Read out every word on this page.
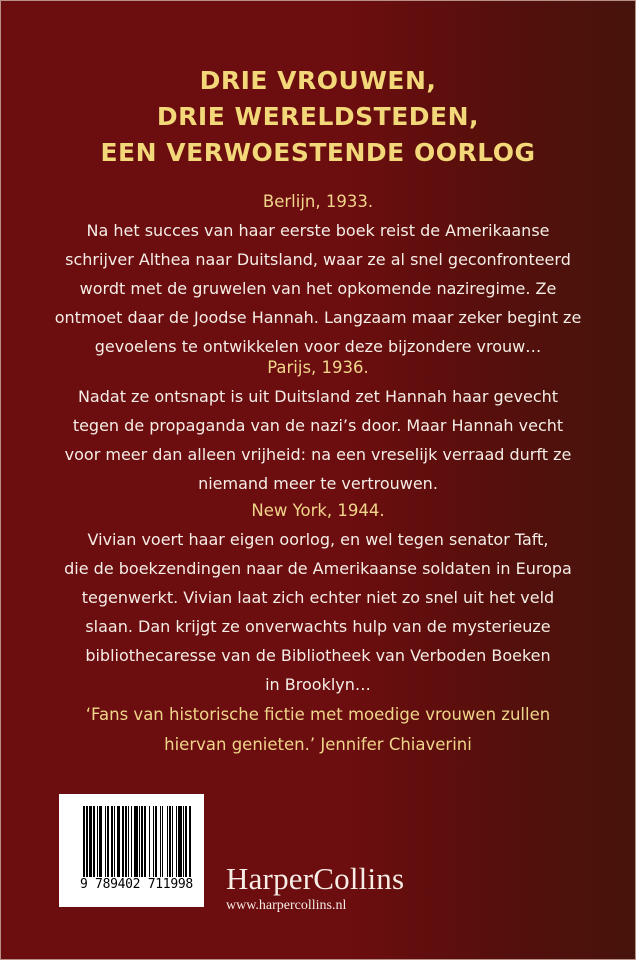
DRIE VROUWEN,
DRIE WERELDSTEDEN,
EEN VERWOESTENDE OORLOG
Berlijn, 1933.
Na het succes van haar eerste boek reist de Amerikaanse
schrijver Althea naar Duitsland, waar ze al snel geconfronteerd
wordt met de gruwelen van het opkomende naziregime. Ze
ontmoet daar de Joodse Hannah. Langzaam maar zeker begint ze
gevoelens te ontwikkelen voor deze bijzondere vrouw…
Parijs, 1936.
Nadat ze ontsnapt is uit Duitsland zet Hannah haar gevecht
tegen de propaganda van de nazi’s door. Maar Hannah vecht
voor meer dan alleen vrijheid: na een vreselijk verraad durft ze
niemand meer te vertrouwen.
New York, 1944.
Vivian voert haar eigen oorlog, en wel tegen senator Taft,
die de boekzendingen naar de Amerikaanse soldaten in Europa
tegenwerkt. Vivian laat zich echter niet zo snel uit het veld
slaan. Dan krijgt ze onverwachts hulp van de mysterieuze
bibliothecaresse van de Bibliotheek van Verboden Boeken
in Brooklyn…
‘Fans van historische fictie met moedige vrouwen zullen
hiervan genieten.’ Jennifer Chiaverini
9 789402 711998 HarperCollins
www.harpercollins.nl
